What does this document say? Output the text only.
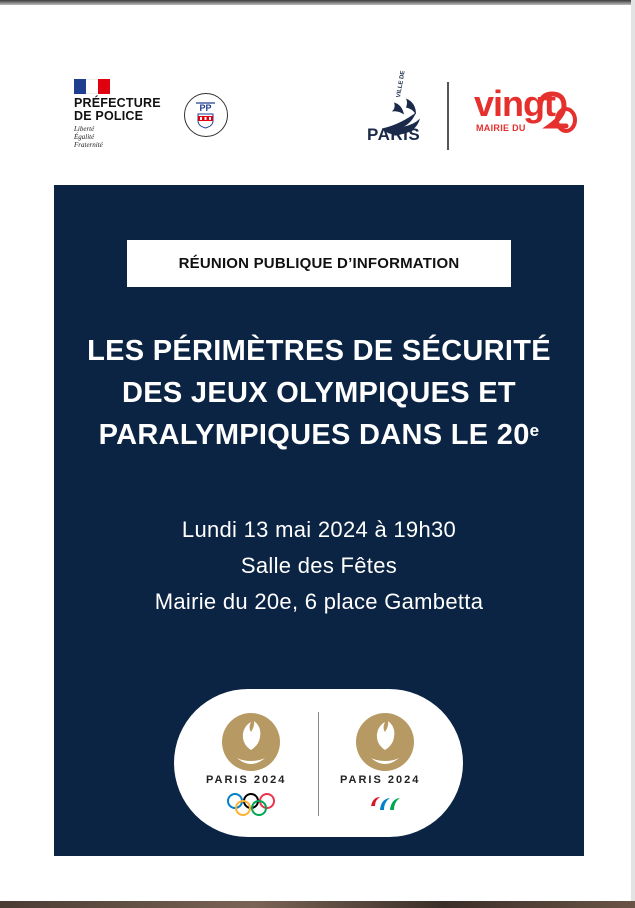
PRÉFECTURE
DE POLICE
Liberté
Égalité
Fraternité
PP
VILLE DE
PARIS
vingt
MAIRIE DU
RÉUNION PUBLIQUE D’INFORMATION
LES PÉRIMÈTRES DE SÉCURITÉ
DES JEUX OLYMPIQUES ET
PARALYMPIQUES DANS LE 20e
Lundi 13 mai 2024 à 19h30
Salle des Fêtes
Mairie du 20e, 6 place Gambetta
PARIS 2024	PARIS 2024
